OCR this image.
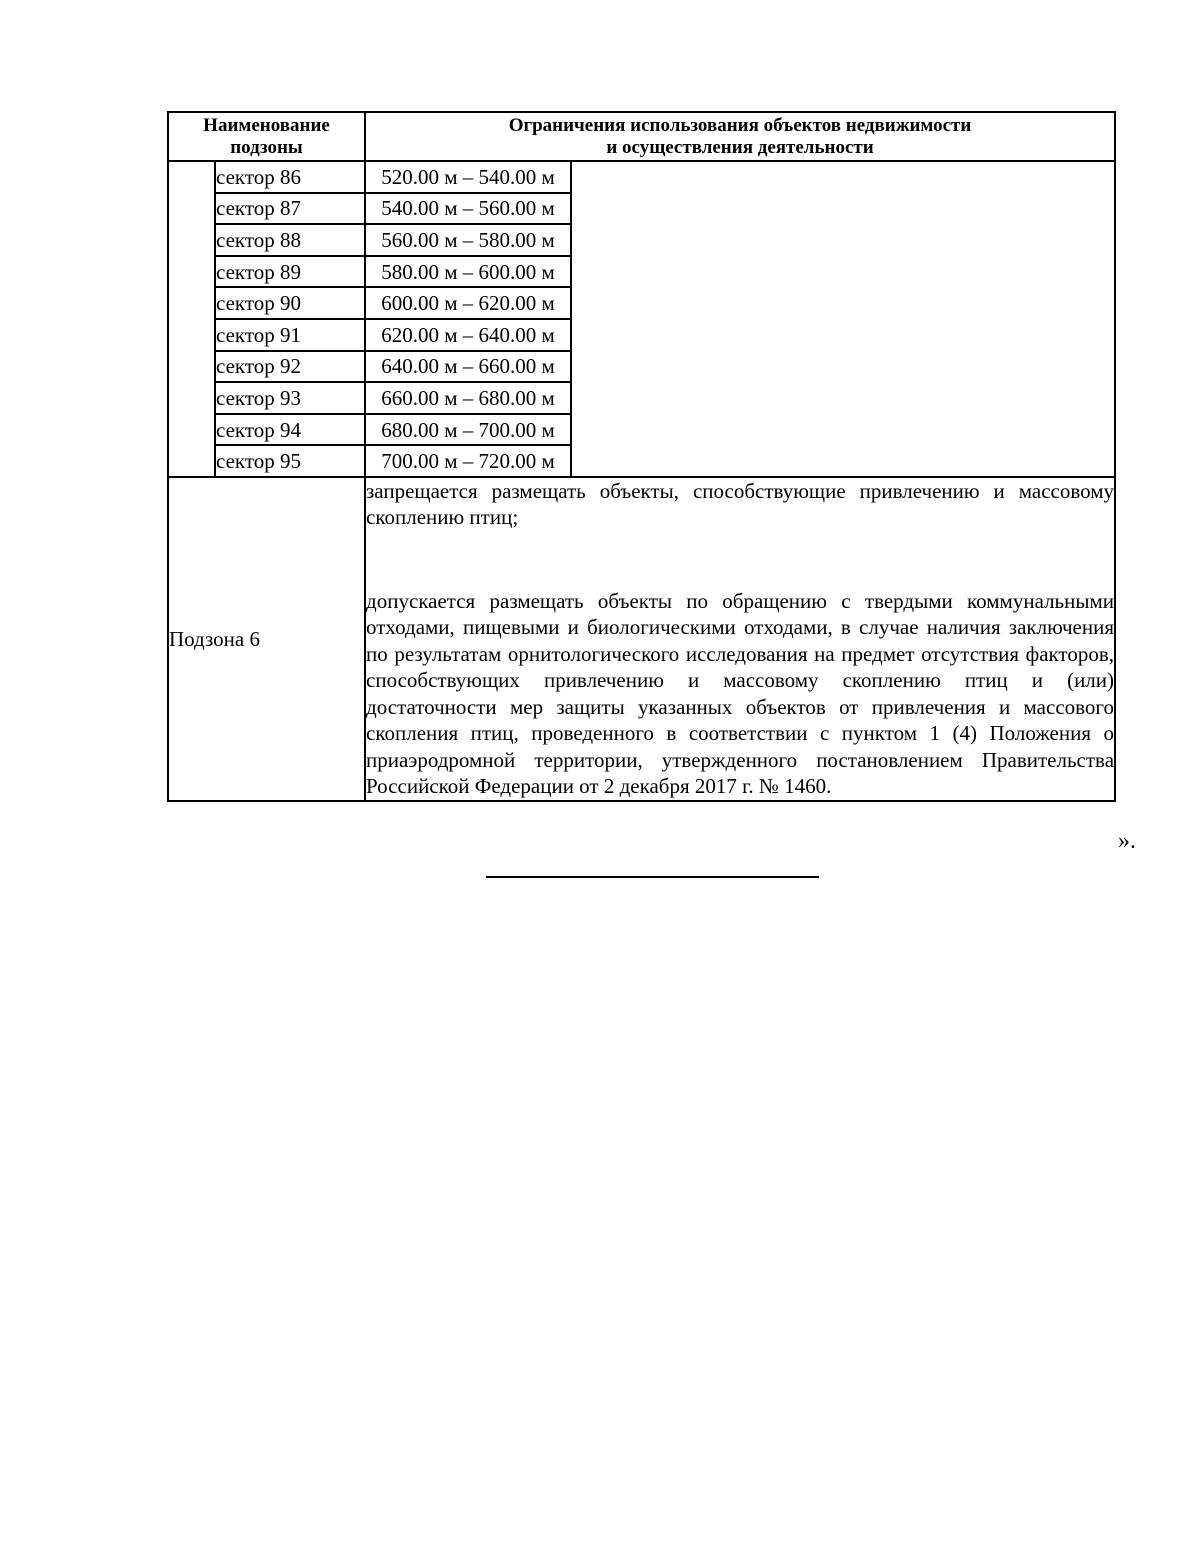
Наименование
подзоны		Ограничения использования объектов недвижимости
и осуществления деятельности	
	сектор 86	520.00 м – 540.00 м	
	сектор 87	540.00 м – 560.00 м	
	сектор 88	560.00 м – 580.00 м	
	сектор 89	580.00 м – 600.00 м	
	сектор 90	600.00 м – 620.00 м	
	сектор 91	620.00 м – 640.00 м	
	сектор 92	640.00 м – 660.00 м	
	сектор 93	660.00 м – 680.00 м	
	сектор 94	680.00 м – 700.00 м	
	сектор 95	700.00 м – 720.00 м	
Подзона 6		запрещается размещать объекты, способствующие привлечению и массовому скоплению птиц;

допускается размещать объекты по обращению с твердыми коммунальными отходами, пищевыми и биологическими отходами, в случае наличия заключения по результатам орнитологического исследования на предмет отсутствия факторов, способствующих привлечению и массовому скоплению птиц и (или) достаточности мер защиты указанных объектов от привлечения и массового скопления птиц, проведенного в соответствии с пунктом 1 (4) Положения о приаэродромной территории, утвержденного постановлением Правительства Российской Федерации от 2 декабря 2017 г. № 1460.	

».
